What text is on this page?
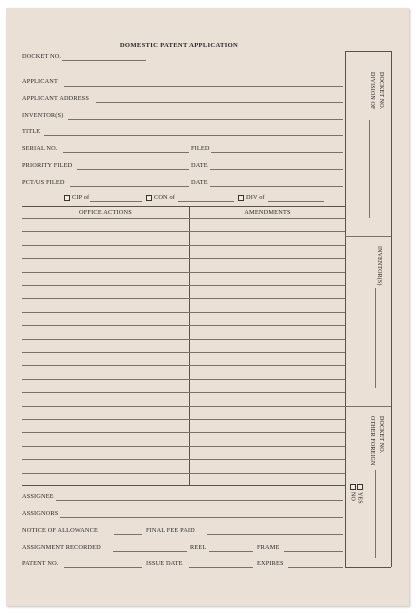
DOMESTIC PATENT APPLICATION
DOCKET NO.
DIVISION OF
INVENTOR(S)
DOCKET NO.
OTHER FOREIGN
YES
NO
DOCKET NO.
APPLICANT
APPLICANT ADDRESS
INVENTOR(S)
TITLE
SERIAL NO.	FILED
PRIORITY FILED	DATE
PCT/US FILED	DATE
CIP of	CON of	DIV of
OFFICE ACTIONS	AMENDMENTS
ASSIGNEE
ASSIGNORS
NOTICE OF ALLOWANCE	FINAL FEE PAID
ASSIGNMENT RECORDED	REEL	FRAME
PATENT NO.	ISSUE DATE	EXPIRES
